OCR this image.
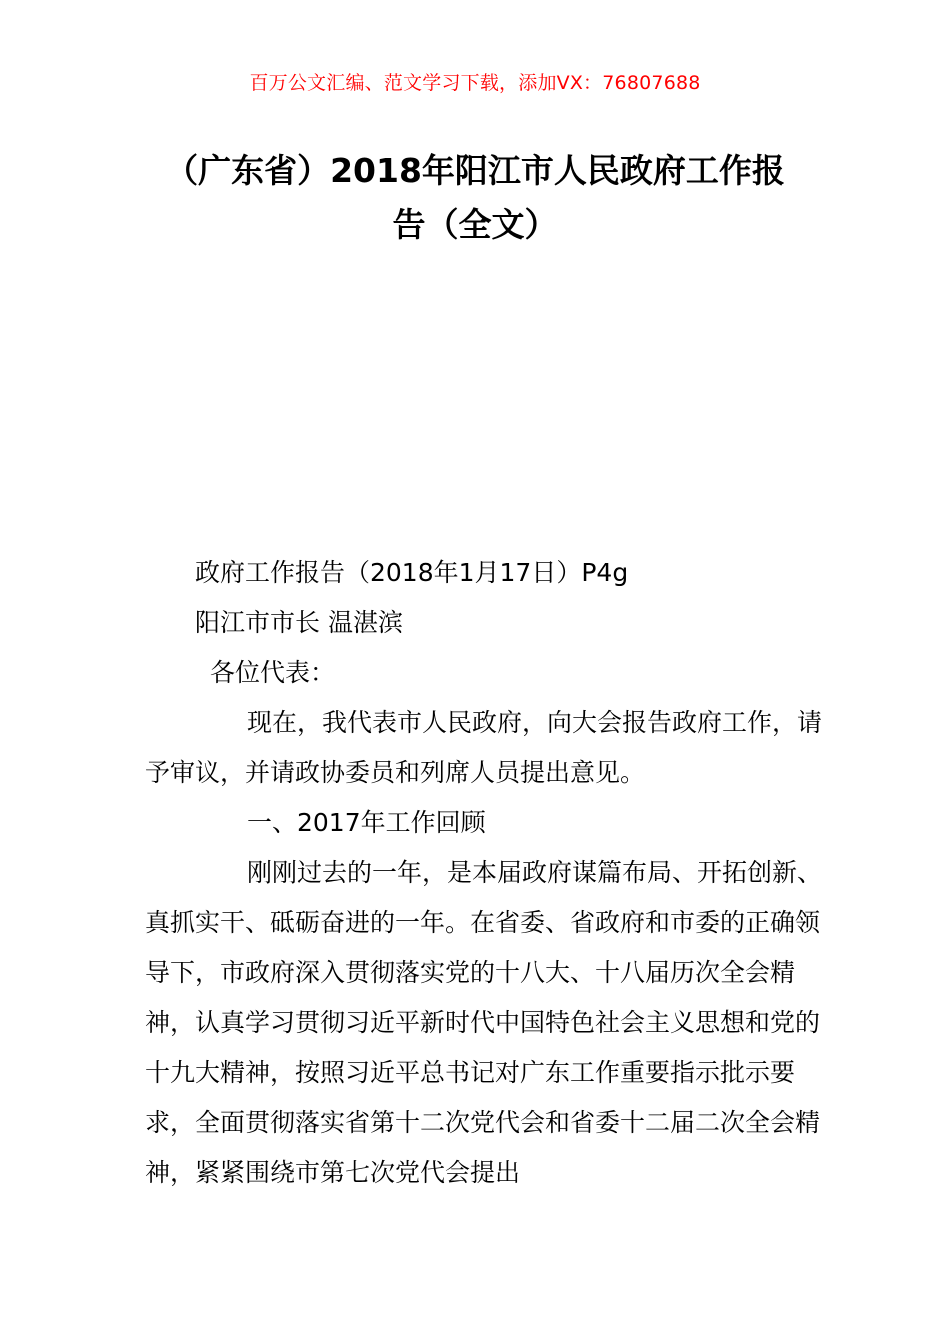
百万公文汇编、范文学习下载，添加VX：76807688
（广东省）2018年阳江市人民政府工作报
告（全文）

政府工作报告（2018年1月17日）P4g

阳江市市长 温湛滨

各位代表：

现在，我代表市人民政府，向大会报告政府工作，请予审议，并请政协委员和列席人员提出意见。

一、2017年工作回顾

刚刚过去的一年，是本届政府谋篇布局、开拓创新、真抓实干、砥砺奋进的一年。在省委、省政府和市委的正确领导下，市政府深入贯彻落实党的十八大、十八届历次全会精神，认真学习贯彻习近平新时代中国特色社会主义思想和党的十九大精神，按照习近平总书记对广东工作重要指示批示要求，全面贯彻落实省第十二次党代会和省委十二届二次全会精神，紧紧围绕市第七次党代会提出
